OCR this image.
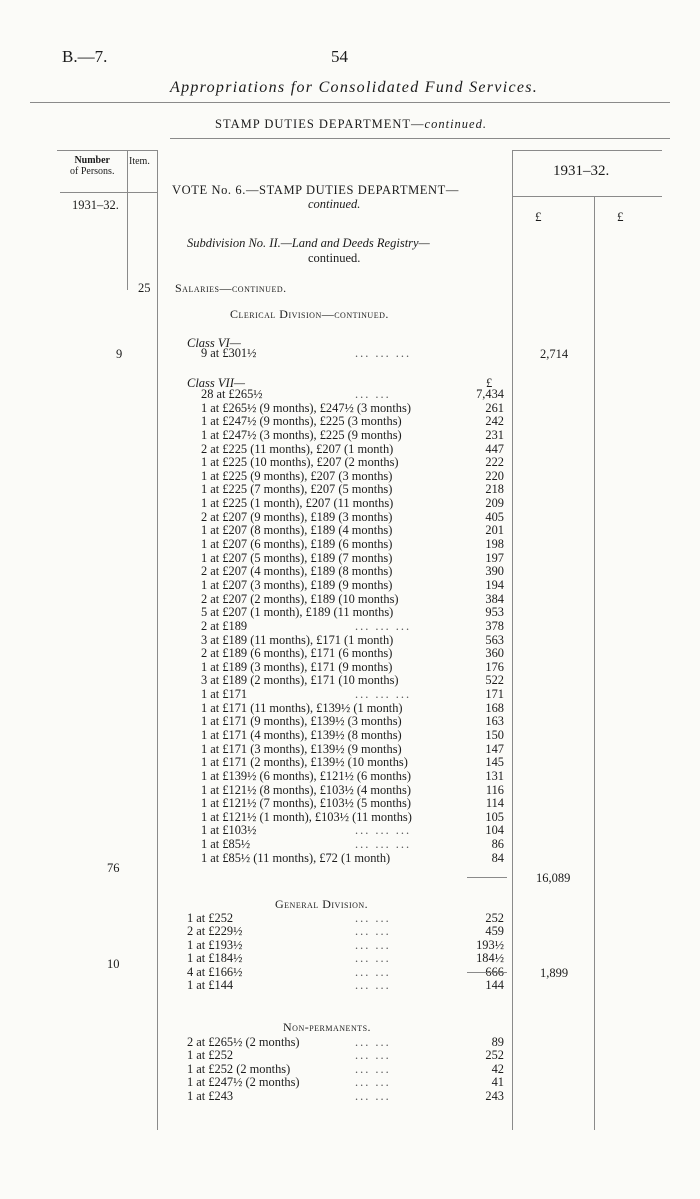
B.—7.	54
Appropriations for Consolidated Fund Services.
STAMP DUTIES DEPARTMENT—continued.
Number
of Persons.
Item.
1931–32.
1931–32.
£	£
VOTE No. 6.—STAMP DUTIES DEPARTMENT—
continued.
Subdivision No. II.—Land and Deeds Registry—
continued.
25 Salaries—continued.
Clerical Division—continued.
Class VI—
9 at £301½	... ... ...
9	2,714
Class VII—	£
28 at £265½	... ...	7,434
1 at £265½ (9 months), £247½ (3 months)	261
1 at £247½ (9 months), £225 (3 months)	242
1 at £247½ (3 months), £225 (9 months)	231
2 at £225 (11 months), £207 (1 month)	447
1 at £225 (10 months), £207 (2 months)	222
1 at £225 (9 months), £207 (3 months)	220
1 at £225 (7 months), £207 (5 months)	218
1 at £225 (1 month), £207 (11 months)	209
2 at £207 (9 months), £189 (3 months)	405
1 at £207 (8 months), £189 (4 months)	201
1 at £207 (6 months), £189 (6 months)	198
1 at £207 (5 months), £189 (7 months)	197
2 at £207 (4 months), £189 (8 months)	390
1 at £207 (3 months), £189 (9 months)	194
2 at £207 (2 months), £189 (10 months)	384
5 at £207 (1 month), £189 (11 months)	953
2 at £189	... ... ...	378
3 at £189 (11 months), £171 (1 month)	563
2 at £189 (6 months), £171 (6 months)	360
1 at £189 (3 months), £171 (9 months)	176
3 at £189 (2 months), £171 (10 months)	522
1 at £171	... ... ...	171
1 at £171 (11 months), £139½ (1 month)	168
1 at £171 (9 months), £139½ (3 months)	163
1 at £171 (4 months), £139½ (8 months)	150
1 at £171 (3 months), £139½ (9 months)	147
1 at £171 (2 months), £139½ (10 months)	145
1 at £139½ (6 months), £121½ (6 months)	131
1 at £121½ (8 months), £103½ (4 months)	116
1 at £121½ (7 months), £103½ (5 months)	114
1 at £121½ (1 month), £103½ (11 months)	105
1 at £103½	... ... ...	104
1 at £85½	... ... ...	86
1 at £85½ (11 months), £72 (1 month)	84
76
16,089
General Division.
1 at £252	... ...	252
2 at £229½	... ...	459
1 at £193½	... ...	193½
1 at £184½	... ...	184½
4 at £166½	... ...	666
1 at £144	... ...	144
10
1,899
Non-permanents.
2 at £265½ (2 months)	... ...	89
1 at £252	... ...	252
1 at £252 (2 months)	... ...	42
1 at £247½ (2 months)	... ...	41
1 at £243	... ...	243
